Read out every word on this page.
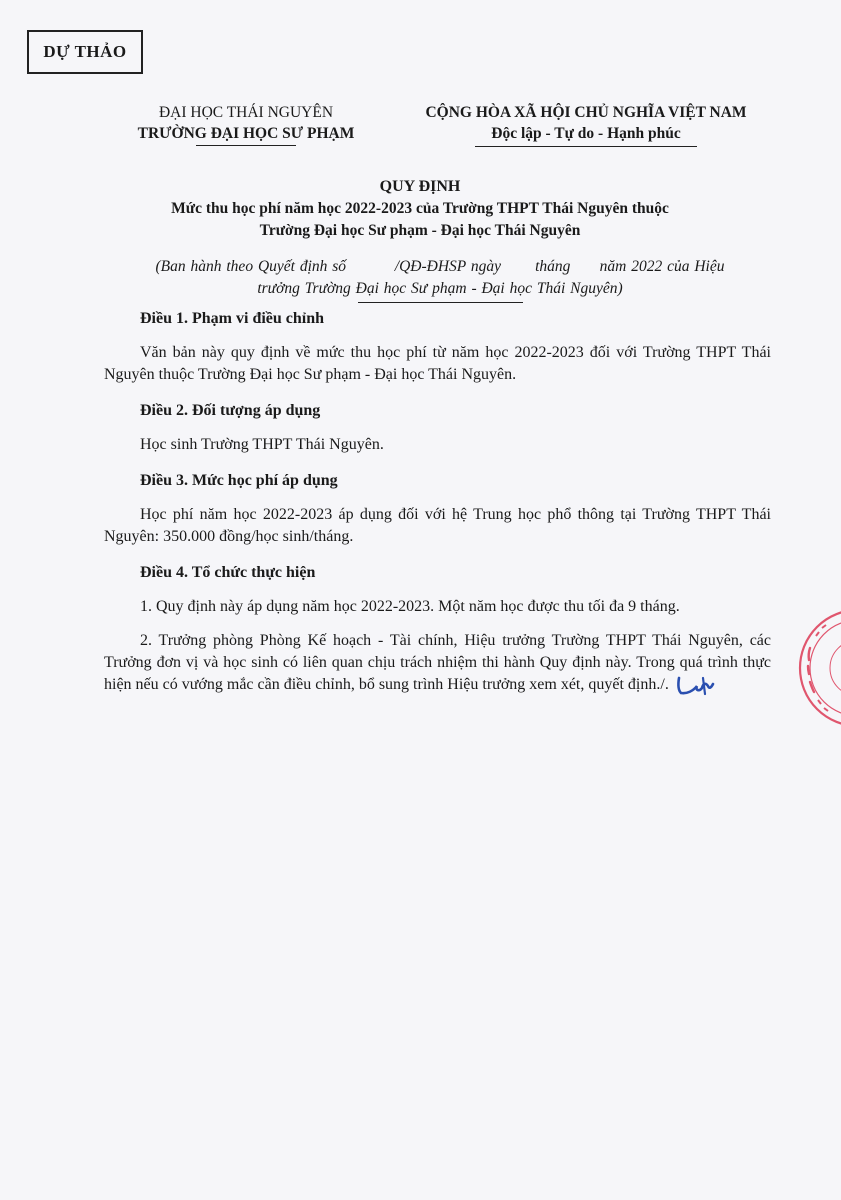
DỰ THẢO
ĐẠI HỌC THÁI NGUYÊN
TRƯỜNG ĐẠI HỌC SƯ PHẠM
CỘNG HÒA XÃ HỘI CHỦ NGHĨA VIỆT NAM
Độc lập - Tự do - Hạnh phúc
QUY ĐỊNH
Mức thu học phí năm học 2022-2023 của Trường THPT Thái Nguyên thuộc
Trường Đại học Sư phạm - Đại học Thái Nguyên
(Ban hành theo Quyết định số          /QĐ-ĐHSP ngày       tháng      năm 2022 của Hiệu
trưởng Trường Đại học Sư phạm - Đại học Thái Nguyên)

Điều 1. Phạm vi điều chỉnh

Văn bản này quy định về mức thu học phí từ năm học 2022-2023 đối với Trường THPT Thái Nguyên thuộc Trường Đại học Sư phạm - Đại học Thái Nguyên.

Điều 2. Đối tượng áp dụng

Học sinh Trường THPT Thái Nguyên.

Điều 3. Mức học phí áp dụng

Học phí năm học 2022-2023 áp dụng đối với hệ Trung học phổ thông tại Trường THPT Thái Nguyên: 350.000 đồng/học sinh/tháng.

Điều 4. Tổ chức thực hiện

1. Quy định này áp dụng năm học 2022-2023. Một năm học được thu tối đa 9 tháng.

2. Trưởng phòng Phòng Kế hoạch - Tài chính, Hiệu trưởng Trường THPT Thái Nguyên, các Trưởng đơn vị và học sinh có liên quan chịu trách nhiệm thi hành Quy định này. Trong quá trình thực hiện nếu có vướng mắc cần điều chỉnh, bổ sung trình Hiệu trưởng xem xét, quyết định./.
